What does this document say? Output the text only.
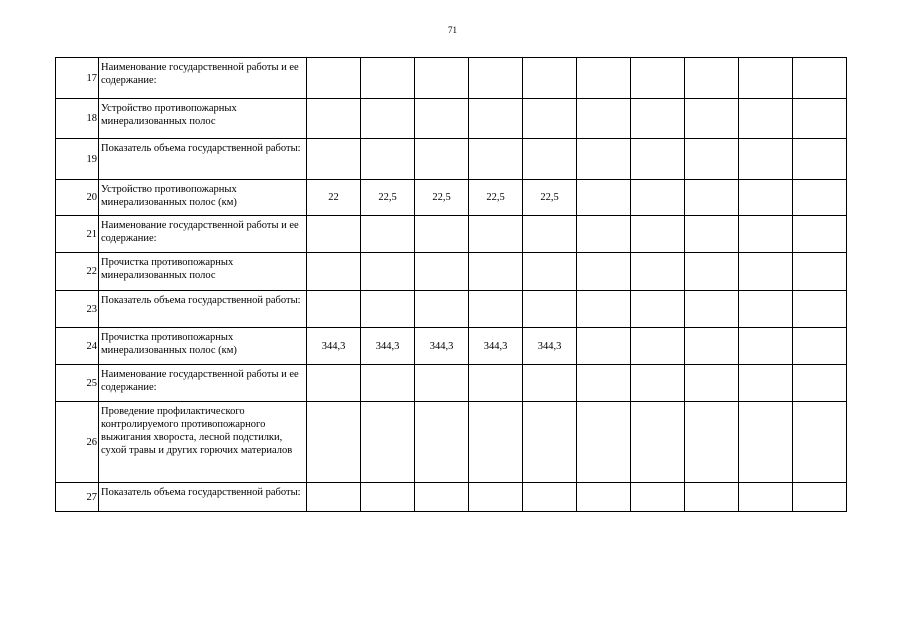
71
17	Наименование государственной работы и ее содержание:										
18	Устройство противопожарных минерализованных полос										
19	Показатель объема государственной работы:										
20	Устройство противопожарных минерализованных полос (км)	22	22,5	22,5	22,5	22,5					
21	Наименование государственной работы и ее содержание:										
22	Прочистка противопожарных минерализованных полос										
23	Показатель объема государственной работы:										
24	Прочистка противопожарных минерализованных полос (км)	344,3	344,3	344,3	344,3	344,3					
25	Наименование государственной работы и ее содержание:										
26	Проведение профилактического контролируемого противопожарного выжигания хвороста, лесной подстилки, сухой травы и других горючих материалов										
27	Показатель объема государственной работы:										
